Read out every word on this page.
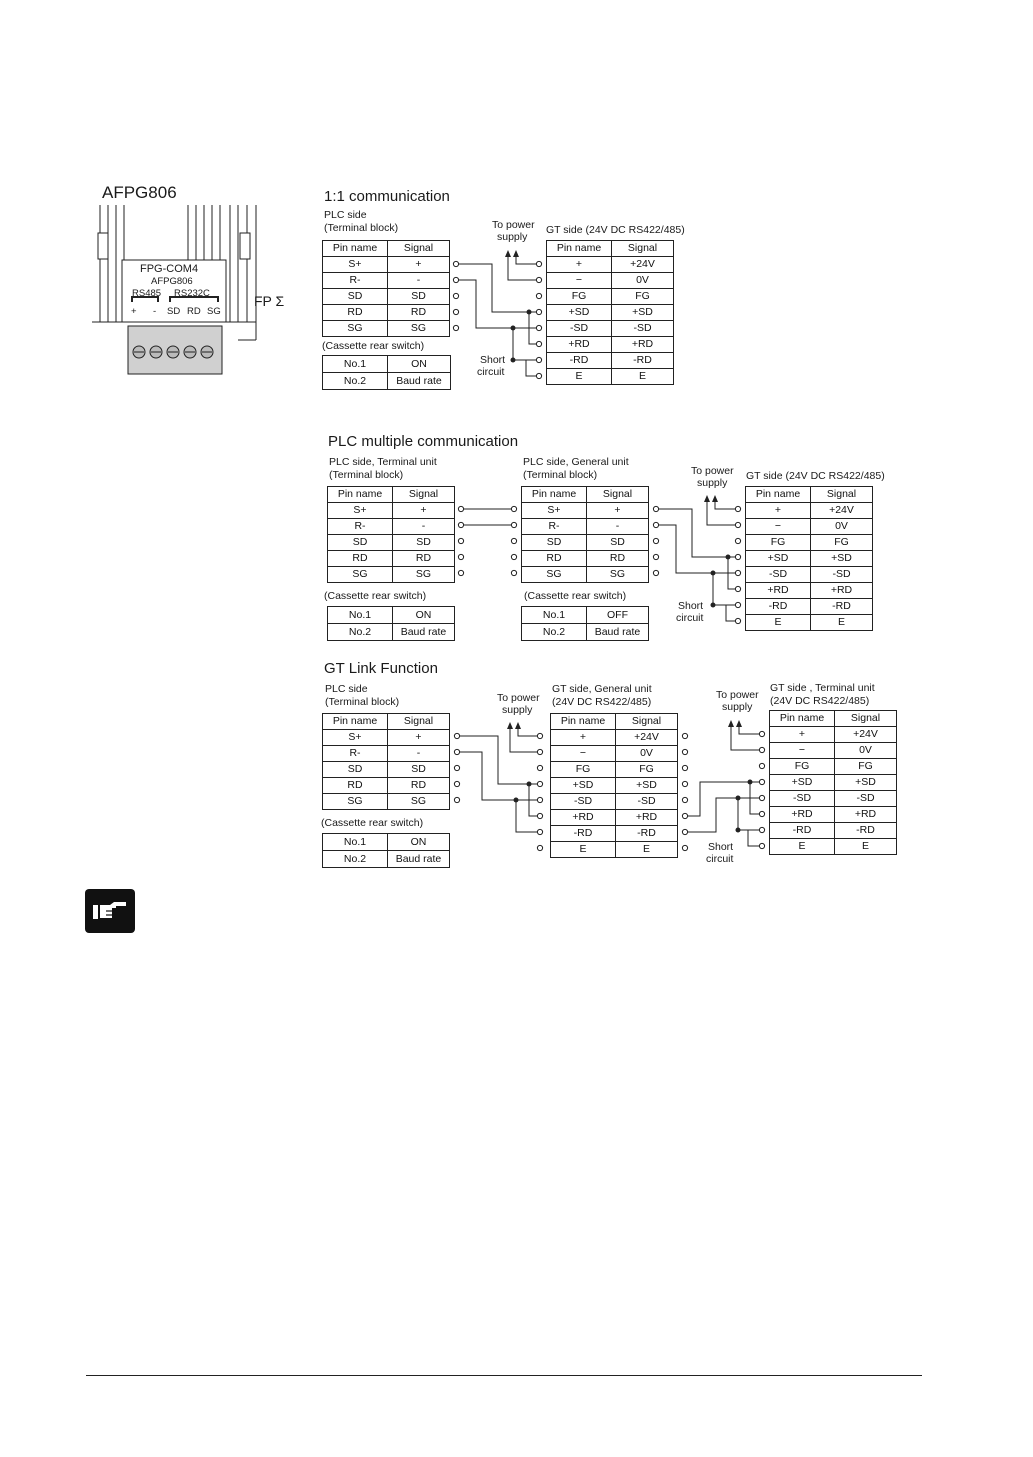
AFPG806
FPG-COM4
AFPG806
RS485 RS232C
+ - SD RD SG
FP Σ
1:1 communication
PLC side
(Terminal block)	To power
supply
GT side (24V DC RS422/485)
Pin name	Signal
S+	+
R-	-
SD	SD
RD	RD
SG	SG
Pin name	Signal
+	+24V
−	0V
FG	FG
+SD	+SD
-SD	-SD
+RD	+RD
-RD	-RD
E	E
(Cassette rear switch)
No.1	ON
No.2	Baud rate
Short
circuit
PLC multiple communication
PLC side, Terminal unit
(Terminal block)
PLC side, General unit
(Terminal block)	To power
supply
GT side (24V DC RS422/485)
Pin name	Signal
S+	+
R-	-
SD	SD
RD	RD
SG	SG
Pin name	Signal
S+	+
R-	-
SD	SD
RD	RD
SG	SG
Pin name	Signal
+	+24V
−	0V
FG	FG
+SD	+SD
-SD	-SD
+RD	+RD
-RD	-RD
E	E
(Cassette rear switch)
No.1	ON
No.2	Baud rate
(Cassette rear switch)
No.1	OFF
No.2	Baud rate
Short
circuit
GT Link Function
PLC side
(Terminal block)	To power
supply
GT side, General unit
(24V DC RS422/485)
To power
supply
GT side , Terminal unit
(24V DC RS422/485)
Pin name	Signal
S+	+
R-	-
SD	SD
RD	RD
SG	SG
Pin name	Signal
+	+24V
−	0V
FG	FG
+SD	+SD
-SD	-SD
+RD	+RD
-RD	-RD
E	E
Pin name	Signal
+	+24V
−	0V
FG	FG
+SD	+SD
-SD	-SD
+RD	+RD
-RD	-RD
E	E
(Cassette rear switch)
No.1	ON
No.2	Baud rate
Short
circuit
